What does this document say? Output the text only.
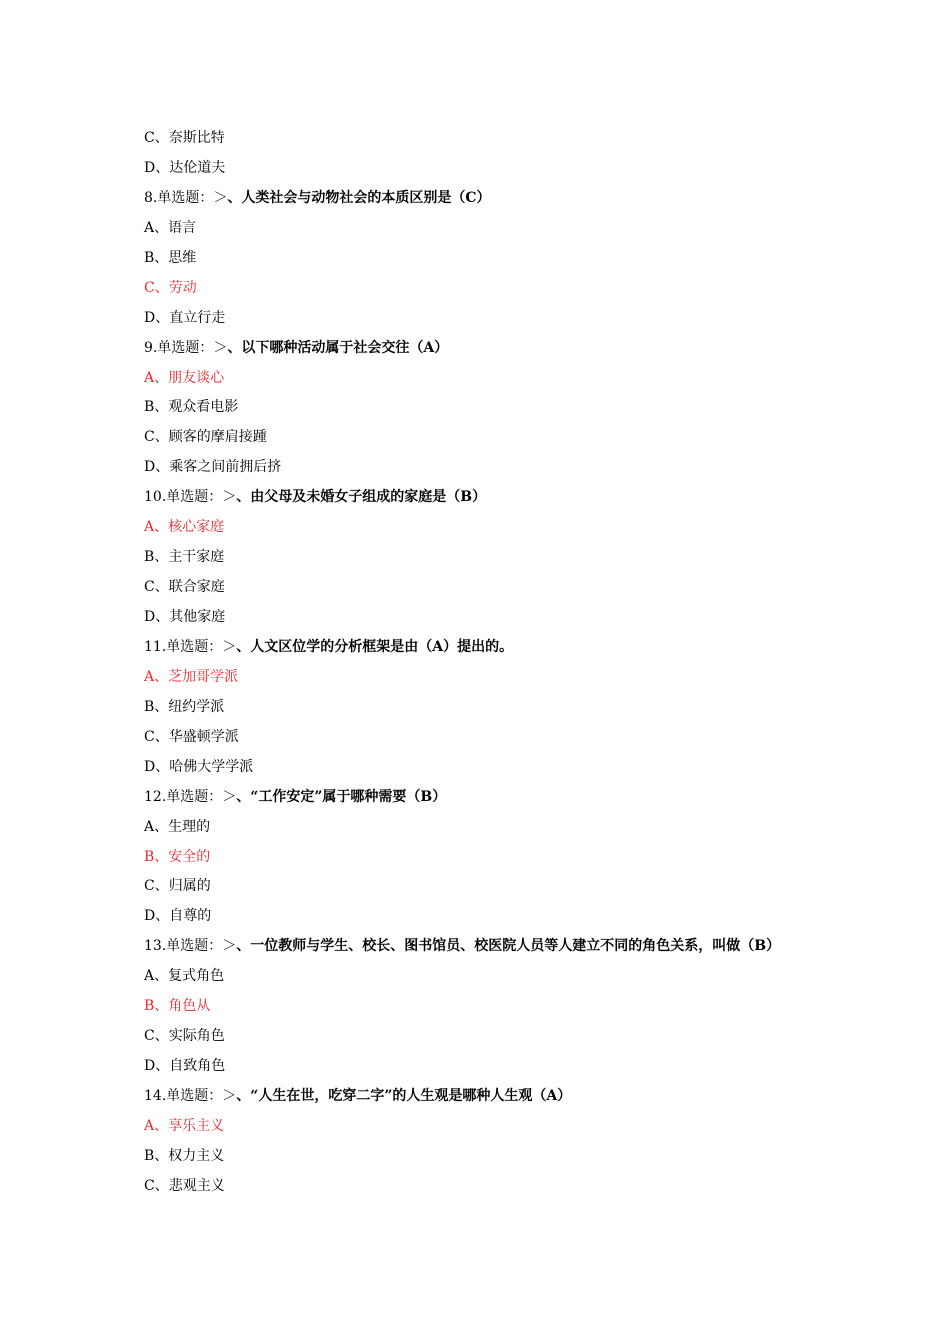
C、奈斯比特
D、达伦道夫
8.单选题：＞、人类社会与动物社会的本质区别是（C）
A、语言
B、思维
C、劳动
D、直立行走
9.单选题：＞、以下哪种活动属于社会交往（A）
A、朋友谈心
B、观众看电影
C、顾客的摩肩接踵
D、乘客之间前拥后挤
10.单选题：＞、由父母及未婚女子组成的家庭是（B）
A、核心家庭
B、主干家庭
C、联合家庭
D、其他家庭
11.单选题：＞、人文区位学的分析框架是由（A）提出的。
A、芝加哥学派
B、纽约学派
C、华盛顿学派
D、哈佛大学学派
12.单选题：＞、“工作安定”属于哪种需要（B）
A、生理的
B、安全的
C、归属的
D、自尊的
13.单选题：＞、一位教师与学生、校长、图书馆员、校医院人员等人建立不同的角色关系，叫做（B）
A、复式角色
B、角色从
C、实际角色
D、自致角色
14.单选题：＞、“人生在世，吃穿二字”的人生观是哪种人生观（A）
A、享乐主义
B、权力主义
C、悲观主义
